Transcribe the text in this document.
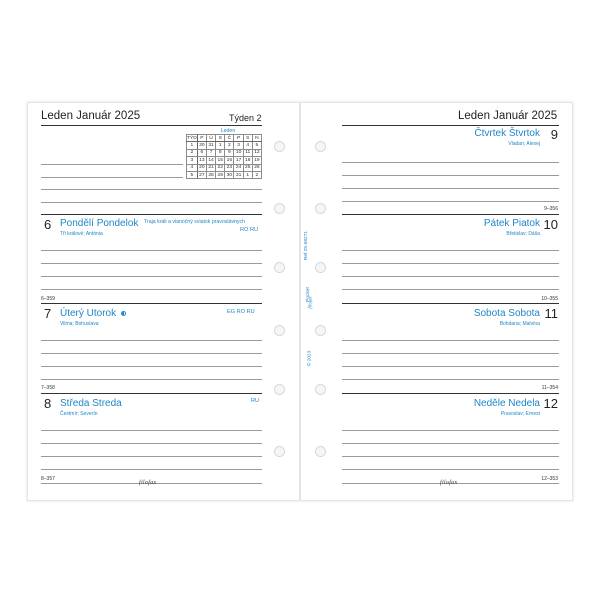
Leden Január 2025	Týden 2
Leden
TÝD	P	Ú	S	Č	P	S	N
1	30	31	1	2	3	4	5
2	6	7	8	9	10	11	12
3	13	14	15	16	17	18	19
4	20	21	22	23	24	25	26
5	27	28	29	30	31	1	2
6 Pondělí Pondelok
Tři králové; Antónia
Traja králi a vianočný sviatok pravoslávnych
RO RU
6–359
7 Úterý Utorok
Vilma; Bohuslava
EG RO RU
7–358
8 Středa Streda
Čestmír; Severín
RU
8–357
filofax
Ref 25-68271
Pocket
filofax
© 2023
Leden Január 2025
Čtvrtek Štvrtok 9
Vladan; Alexej
9–356
Pátek Piatok 10
Břetislav; Dáša
10–355
Sobota Sobota 11
Bohdana; Malvína
11–354
Neděle Nedela 12
Pravoslav; Ernest
12–353
filofax
